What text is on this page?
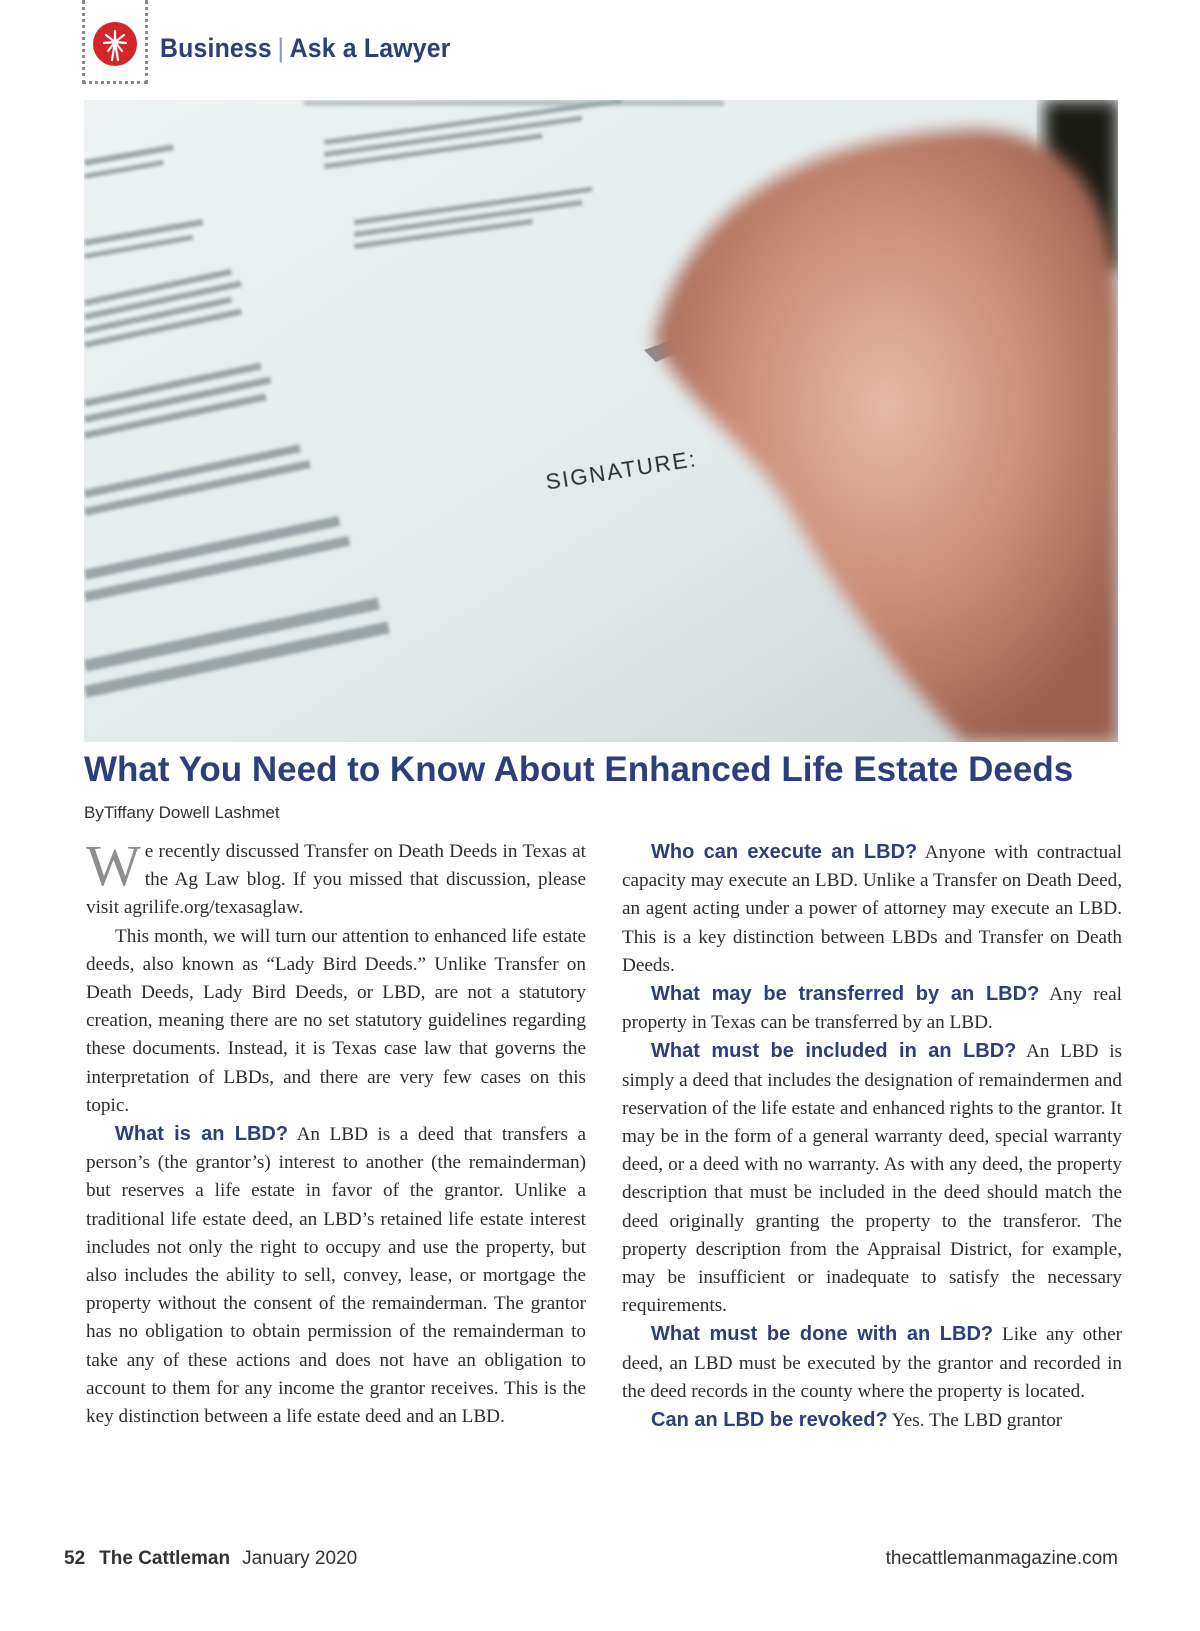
Business | Ask a Lawyer
SIGNATURE:
What You Need to Know About Enhanced Life Estate Deeds
ByTiffany Dowell Lashmet

We recently discussed Transfer on Death Deeds in Texas at the Ag Law blog. If you missed that discussion, please visit agrilife.org/texasaglaw.

This month, we will turn our attention to enhanced life estate deeds, also known as “Lady Bird Deeds.” Unlike Transfer on Death Deeds, Lady Bird Deeds, or LBD, are not a statutory creation, meaning there are no set statutory guidelines regarding these documents. Instead, it is Texas case law that governs the interpretation of LBDs, and there are very few cases on this topic.

What is an LBD? An LBD is a deed that transfers a person’s (the grantor’s) interest to another (the remainderman) but reserves a life estate in favor of the grantor. Unlike a traditional life estate deed, an LBD’s retained life estate interest includes not only the right to occupy and use the property, but also includes the ability to sell, convey, lease, or mortgage the property without the consent of the remainderman. The grantor has no obligation to obtain permission of the remainderman to take any of these actions and does not have an obligation to account to them for any income the grantor receives. This is the key distinction between a life estate deed and an LBD.

Who can execute an LBD? Anyone with contractual capacity may execute an LBD. Unlike a Transfer on Death Deed, an agent acting under a power of attorney may execute an LBD. This is a key distinction between LBDs and Transfer on Death Deeds.

What may be transferred by an LBD? Any real property in Texas can be transferred by an LBD.

What must be included in an LBD? An LBD is simply a deed that includes the designation of remaindermen and reservation of the life estate and enhanced rights to the grantor. It may be in the form of a general warranty deed, special warranty deed, or a deed with no warranty. As with any deed, the property description that must be included in the deed should match the deed originally granting the property to the transferor. The property description from the Appraisal District, for example, may be insufficient or inadequate to satisfy the necessary requirements.

What must be done with an LBD? Like any other deed, an LBD must be executed by the grantor and recorded in the deed records in the county where the property is located.

Can an LBD be revoked? Yes. The LBD grantor

52 The Cattleman January 2020	thecattlemanmagazine.com
